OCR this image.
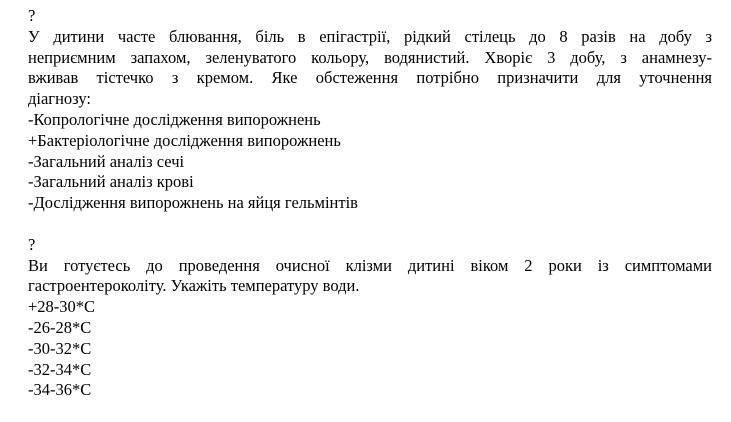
?
У дитини часте блювання, біль в епігастрії, рідкий стілець до 8 разів на добу з
неприємним запахом, зеленуватого кольору, водянистий. Хворіє 3 добу, з анамнезу-
вживав тістечко з кремом. Яке обстеження потрібно призначити для уточнення
діагнозу:
-Копрологічне дослідження випорожнень
+Бактеріологічне дослідження випорожнень
-Загальний аналіз сечі
-Загальний аналіз крові
-Дослідження випорожнень на яйця гельмінтів
?
Ви готуєтесь до проведення очисної клізми дитині віком 2 роки із симптомами
гастроентероколіту. Укажіть температуру води.
+28-30*С
-26-28*С
-30-32*С
-32-34*С
-34-36*С
